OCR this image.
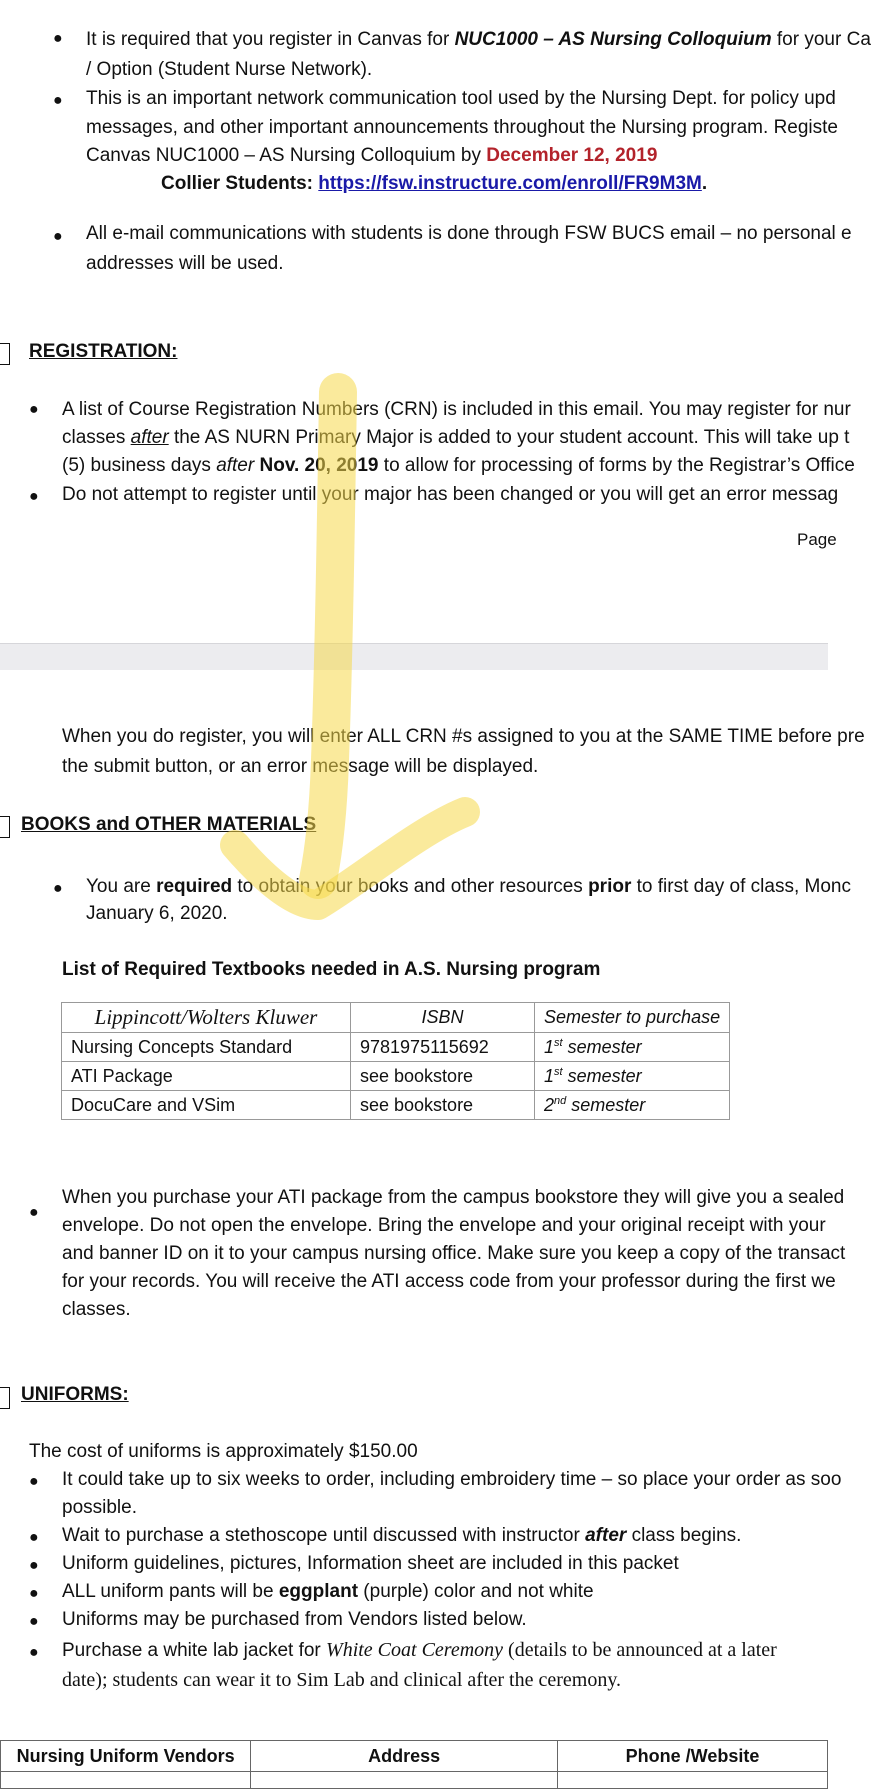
● It is required that you register in Canvas for NUC1000 – AS Nursing Colloquium for your Ca
/ Option (Student Nurse Network).
● This is an important network communication tool used by the Nursing Dept. for policy upd
messages, and other important announcements throughout the Nursing program. Registe
Canvas NUC1000 – AS Nursing Colloquium by December 12, 2019
Collier Students: https://fsw.instructure.com/enroll/FR9M3M.
● All e-mail communications with students is done through FSW BUCS email – no personal e
addresses will be used.
REGISTRATION:
● A list of Course Registration Numbers (CRN) is included in this email. You may register for nur
classes after the AS NURN Primary Major is added to your student account. This will take up t
(5) business days after Nov. 20, 2019 to allow for processing of forms by the Registrar’s Office
● Do not attempt to register until your major has been changed or you will get an error messag
Page
When you do register, you will enter ALL CRN #s assigned to you at the SAME TIME before pre
the submit button, or an error message will be displayed.
BOOKS and OTHER MATERIALS
● You are required to obtain your books and other resources prior to first day of class, Monc
January 6, 2020.
List of Required Textbooks needed in A.S. Nursing program
Lippincott/Wolters Kluwer	ISBN	Semester to purchase
Nursing Concepts Standard	9781975115692	1st semester
ATI Package	see bookstore	1st semester
DocuCare and VSim	see bookstore	2nd semester
●
When you purchase your ATI package from the campus bookstore they will give you a sealed
envelope. Do not open the envelope. Bring the envelope and your original receipt with your
and banner ID on it to your campus nursing office. Make sure you keep a copy of the transact
for your records. You will receive the ATI access code from your professor during the first we
classes.
UNIFORMS:
The cost of uniforms is approximately $150.00
● It could take up to six weeks to order, including embroidery time – so place your order as soo
possible.
● Wait to purchase a stethoscope until discussed with instructor after class begins.
● Uniform guidelines, pictures, Information sheet are included in this packet
● ALL uniform pants will be eggplant (purple) color and not white
● Uniforms may be purchased from Vendors listed below.
● Purchase a white lab jacket for White Coat Ceremony (details to be announced at a later
date); students can wear it to Sim Lab and clinical after the ceremony.
Nursing Uniform Vendors	Address	Phone /Website
